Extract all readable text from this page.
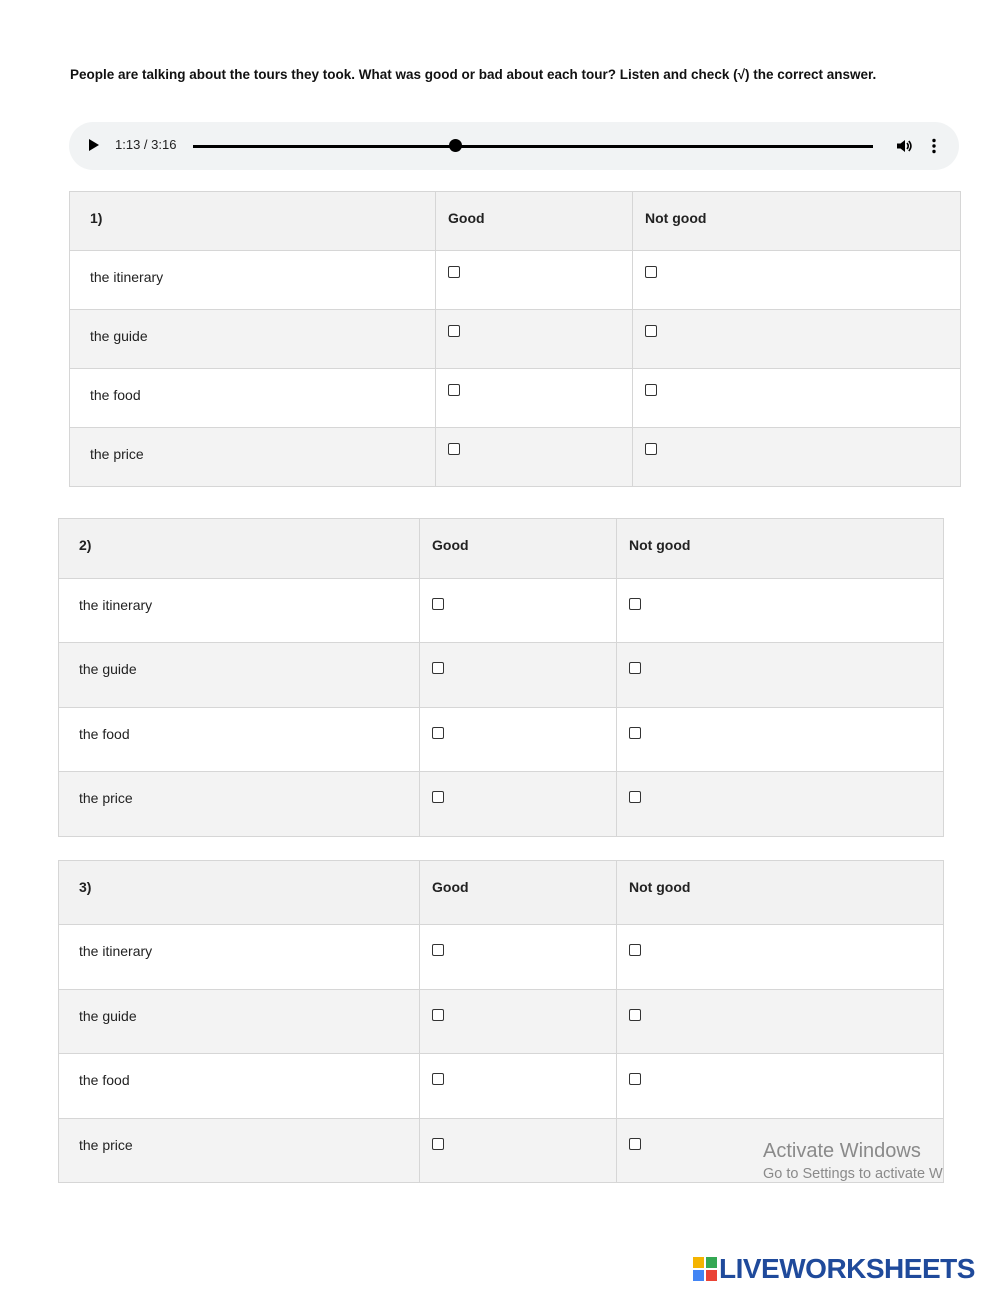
People are talking about the tours they took. What was good or bad about each tour? Listen and check (√) the correct answer.
1:13 / 3:16
1)	Good	Not good
the itinerary		
the guide		
the food		
the price		
2)	Good	Not good
the itinerary		
the guide		
the food		
the price		
3)	Good	Not good
the itinerary		
the guide		
the food		
the price			Activate Windows
Go to Settings to activate W
LIVEWORKSHEETS
